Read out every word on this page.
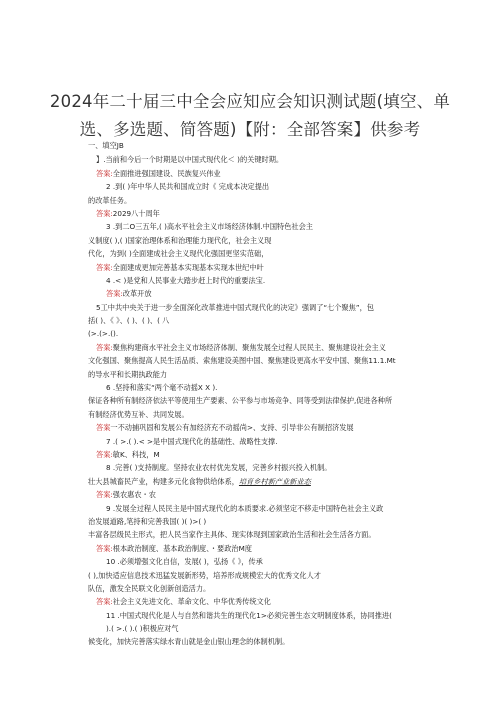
2024年二十届三中全会应知应会知识测试题(填空、单
选、多选题、简答题)【附：全部答案】供参考
一、填空JB
】.当前和今后一个时期是以中国式现代化＜ )的关键时期。
答案:全面推进强国建设、民族复兴伟业
2 .到( )年中华人民共和国成立时《 完成本决定提出
的改革任务。
答案:2029八十周年
3 .到二O三五年,( )高水平社会主义市场经济体制.中国特色社会主
义制度( ),( )国家治理体系和治理能力现代化，社会主义现
代化，为到( )全面建成社会主义现代化强国更坚实范础，
答案:全面建成更加完善基本实现基本实现本世纪中叶
4 .< )是党和人民事业大踏步赶上时代的重要法宝.
答案:改革开放
5工中共中央关于进一步全面深化改革推进中国式现代化的决定》强调了“七个聚焦”，包
括( )、《 》、( )、( )、( 八
(>.(>.().
答案:聚焦构建商水平社会主义市场经济体制、聚焦发展全过程人民民主、聚焦建设社会主义
文化强国、聚焦提高人民生活品质、索焦建设美图中国、聚焦建设更高水平安中国、聚焦11.1.Mt
的导水平和长期执政能力
6 .坚持和落实“两个毫不动摇X X ).
保证各种所有制经济依法平等使用生产要素、公平参与市场竞争、同等受到法律保护,促进各种所
有制经济优势互补、共同发展。
答案一不动捕巩固和发展公有加经济充不动摇尚>、支持、引导非公有制招济发展
7 .( >.( ).< >是中国式现代化的基础性、战略性支撑.
答案:敏K、科技，M
8 .完善( )支持制度。坚持农业农村优先发展，完善乡村振兴投入机制。
壮大县城畜民产业，构建多元化食物供给体系，培育乡村新产业新业态
答案:强农惠农・农
9 .发展全过程人民民主是中国式现代化的本质要求.必须坚定不移走中国特色社会主义政
治发展道路,笔持和完善我国( )( )>( )
丰富各层级民主形式，把人民当家作主具体、现实体现到国家政治生活和社会生活各方面。
答案:根本政治制度、基本政治制度、・要政治M度
10 .必须增强文化自信，发展( )，弘扬《 》，传承
( ),加快适应信息技术迅猛发展新形势，培养形成规模宏大的优秀文化人才
队伍，激发全民联文化创新创造活力。
答案:社会主义先进文化、革命文化、中华优秀传统文化
11 .中国式现代化是人与自然和谐共生的现代化1>必须完善生态文明制度体系，协同推进(
).( >.( ).( )积极应对气
候变化，加快完善落实绿水青山就是金山银山理念的体制机制。
